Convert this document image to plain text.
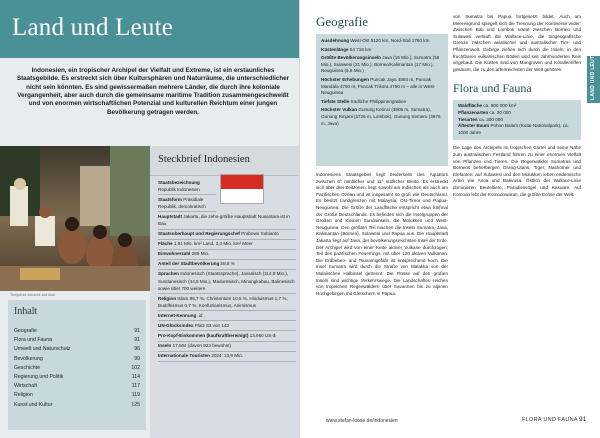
Land und Leute
Indonesien, ein tropischer Archipel der Vielfalt und Extreme, ist ein erstaunliches Staatsgebilde. Es erstreckt sich über Kultursphären und Naturräume, die unterschiedlicher nicht sein könnten. Es sind gewissermaßen mehrere Länder, die durch ihre koloniale Vergangenheit, aber auch durch die gemeinsame maritime Tradition zusammengeschweißt und von enormen wirtschaftlichen Potenzial und kulturellen Reichtum einer jungen Bevölkerung getragen werden.
Tempelzeremonie auf Bali
Inhalt
Geografie	91
Flora und Fauna	91
Umwelt und Naturschutz	96
Bevölkerung	99
Geschichte	102
Regierung und Politik	114
Wirtschaft	117
Religion	119
Kunst und Kultur	125
Steckbrief Indonesien
Staatsbezeichnung Republik Indonesien
Staatsform Präsidiale Republik, demokratisch
Hauptstadt Jakarta, die zehn-größte Hauptstadt Nusantara ist in Bau
Staatsoberhaupt und Regierungschef Prabowo Subianto
Fläche 1,91 Mio. km² Land, 3,3 Mio. km² Meer
Einwohnerzahl 285 Mio.
Anteil der Stadtbevölkerung 58,8 %
Sprachen Indonesisch (Staatssprache), Javanisch (114,9 Mio.), Sundanesisch (44,5 Mio.), Maduresisch, Minangkabau, Balinesisch sowie über 700 weitere
Religion Islam 86,7 %, Christentum 10,5 %, Hinduismus 1,7 %, Buddhismus 0,7 %, Konfuzianismus, Animismus
Internet-Kennung .id
UN-Glücksindex Platz 83 von 143
Pro-Kopf-Einkommen (kaufkraftbereinigt) 13.950 US-$
Inseln 17.504 (davon 922 bewohnt)
Internationale Touristen 2024: 13,9 Mio.
Geografie

Ausdehnung West-Ost 5120 km, Nord-Süd 1760 km

Küstenlänge 54 716 km

Größte Bevölkerungsinseln Java (15 Mio.), Sumatra (58 Mio.), Sulawesi (21 Mio.), Borneo/Kalimantan (17 Mio.), Neuguinea (5,8 Mio.)

Höchster Erhebungen Puncak Jaya 4884 m, Puncak Mandala 4760 m, Puncak Trikora 4750 m – alle in West-Neuguinea

Tiefste Stelle Südliche Philippinengraben

Höchster Vulkan Gunung Kerinci (3805 m, Sumatra), Gunung Rinjani (3726 m, Lombok), Gunung Semeru (3676 m, Java)

Indonesiens Staatsgebiet liegt beiderseits des Äquators zwischen 6° nördlicher und 11° südlicher Breite. Es erstreckt sich über drei Zeitzonen, liegt sowohl am Indischen als auch am Pazifischen Ozean und ist insgesamt so groß wie Deutschland. Es besitzt Landgrenzen mit Malaysia, Ost-Timor und Papua-Neuguinea. Die Größe der Landfläche entspricht etwa fünfmal der Größe Deutschlands. Es befinden sich die Inselgruppen der Großen und Kleinen Sundainseln, die Molukken und West-Neuguinea. Den größten Teil machen die Inseln Sumatra, Java, Kalimantan (Borneo), Sulawesi und Papua aus. Die Hauptstadt Jakarta liegt auf Java, der bevölkerungsreichsten Insel der Erde. Der Archipel wird von einer Kette aktiver Vulkane durchzogen; Teil des pazifischen Feuerrings, mit über 120 aktiven Vulkanen. Die Erdbeben- und Tsunamigefahr ist entsprechend hoch. Die Insel Sumatra wird durch die Straße von Malakka von der Malaiischen Halbinsel getrennt. Die Flüsse auf den großen Inseln sind wichtige Verkehrswege. Die Landschaften reichen von tropischen Regenwäldern über Savannen bis zu alpinen Hochgebirgen mit Gletschern in Papua.
von Sumatra bis Papua fortgesetzt bildet. Auch am Meeresgrund spiegelt sich die Trennung der Kontinente wider: Zwischen Bali und Lombok sowie zwischen Borneo und Sulawesi verläuft die Wallace-Linie, die biogeografische Grenze zwischen asiatischer und australischer Tier- und Pflanzenwelt. Gebirge ziehen sich durch die Inseln; in den fruchtbaren vulkanischen Böden wird seit Jahrhunderten Reis angebaut. Die Küsten sind von Mangroven und Korallenriffen gesäumt, die zu den artenreichsten der Welt gehören.
Flora und Fauna

Waldfläche ca. 900 000 km²

Pflanzenarten ca. 30 000

Tierarten ca. 300 000

Ältester Baum Pohon Balam (Kutai-Nationalpark), ca. 1000 Jahre

Die Lage des Archipels im tropischen Gürtel und seine Nähe zum australischen Festland führen zu einer enormen Vielfalt von Pflanzen und Tieren. Die Regenwälder Sumatras und Borneos beherbergen Orang-Utans, Tiger, Nashörner und Elefanten; auf Sulawesi und den Molukken leben endemische Arten wie Anoa und Babirusa. Östlich der Wallace-Linie dominieren Beuteltiere, Paradiesvögel und Kasuare. Auf Komodo lebt der Komodowaran, die größte Echse der Welt.
LAND UND LEUTE
www.stefan-loose.de/indonesien	FLORA UND FAUNA 91
